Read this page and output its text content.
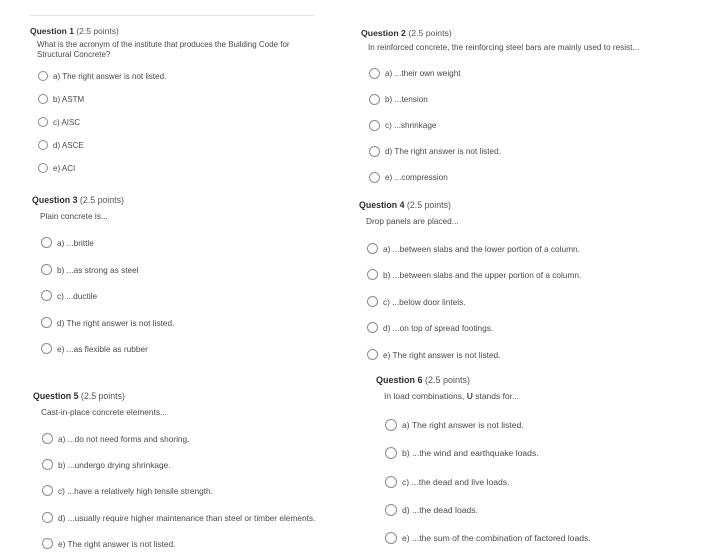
Question 1 (2.5 points)
What is the acronym of the institute that produces the Building Code for Structural Concrete?
a) The right answer is not listed.
b) ASTM
c) AISC
d) ASCE
e) ACI
Question 2 (2.5 points)
In reinforced concrete, the reinforcing steel bars are mainly used to resist...
a) ...their own weight
b) ...tension
c) ...shrinkage
d) The right answer is not listed.
e) ...compression
Question 3 (2.5 points)
Plain concrete is...
a) ...brittle
b) ...as strong as steel
c) ...ductile
d) The right answer is not listed.
e) ...as flexible as rubber
Question 4 (2.5 points)
Drop panels are placed...
a) ...between slabs and the lower portion of a column.
b) ...between slabs and the upper portion of a column.
c) ...below door lintels.
d) ...on top of spread footings.
e) The right answer is not listed.
Question 5 (2.5 points)
Cast-in-place concrete elements...
a) ...do not need forms and shoring.
b) ...undergo drying shrinkage.
c) ...have a relatively high tensile strength.
d) ...usually require higher maintenance than steel or timber elements.
e) The right answer is not listed.
Question 6 (2.5 points)
In load combinations, U stands for...
a) The right answer is not listed.
b) ...the wind and earthquake loads.
c) ...the dead and live loads.
d) ...the dead loads.
e) ...the sum of the combination of factored loads.
